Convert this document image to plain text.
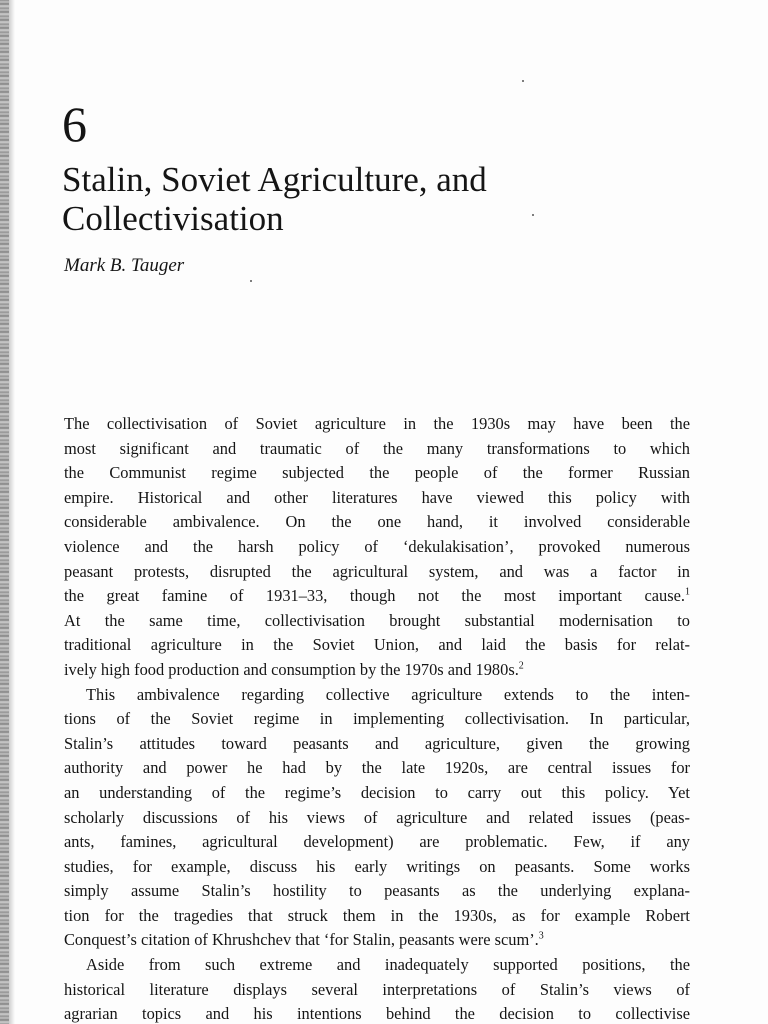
6
Stalin, Soviet Agriculture, and
Collectivisation
Mark B. Tauger
The collectivisation of Soviet agriculture in the 1930s may have been the
most significant and traumatic of the many transformations to which
the Communist regime subjected the people of the former Russian
empire. Historical and other literatures have viewed this policy with
considerable ambivalence. On the one hand, it involved considerable
violence and the harsh policy of ‘dekulakisation’, provoked numerous
peasant protests, disrupted the agricultural system, and was a factor in
the great famine of 1931–33, though not the most important cause.$^1$
At the same time, collectivisation brought substantial modernisation to
traditional agriculture in the Soviet Union, and laid the basis for relat-
ively high food production and consumption by the 1970s and 1980s.$^2$
This ambivalence regarding collective agriculture extends to the inten-
tions of the Soviet regime in implementing collectivisation. In particular,
Stalin’s attitudes toward peasants and agriculture, given the growing
authority and power he had by the late 1920s, are central issues for
an understanding of the regime’s decision to carry out this policy. Yet
scholarly discussions of his views of agriculture and related issues (peas-
ants, famines, agricultural development) are problematic. Few, if any
studies, for example, discuss his early writings on peasants. Some works
simply assume Stalin’s hostility to peasants as the underlying explana-
tion for the tragedies that struck them in the 1930s, as for example Robert
Conquest’s citation of Khrushchev that ‘for Stalin, peasants were scum’.$^3$
Aside from such extreme and inadequately supported positions, the
historical literature displays several interpretations of Stalin’s views of
agrarian topics and his intentions behind the decision to collectivise
